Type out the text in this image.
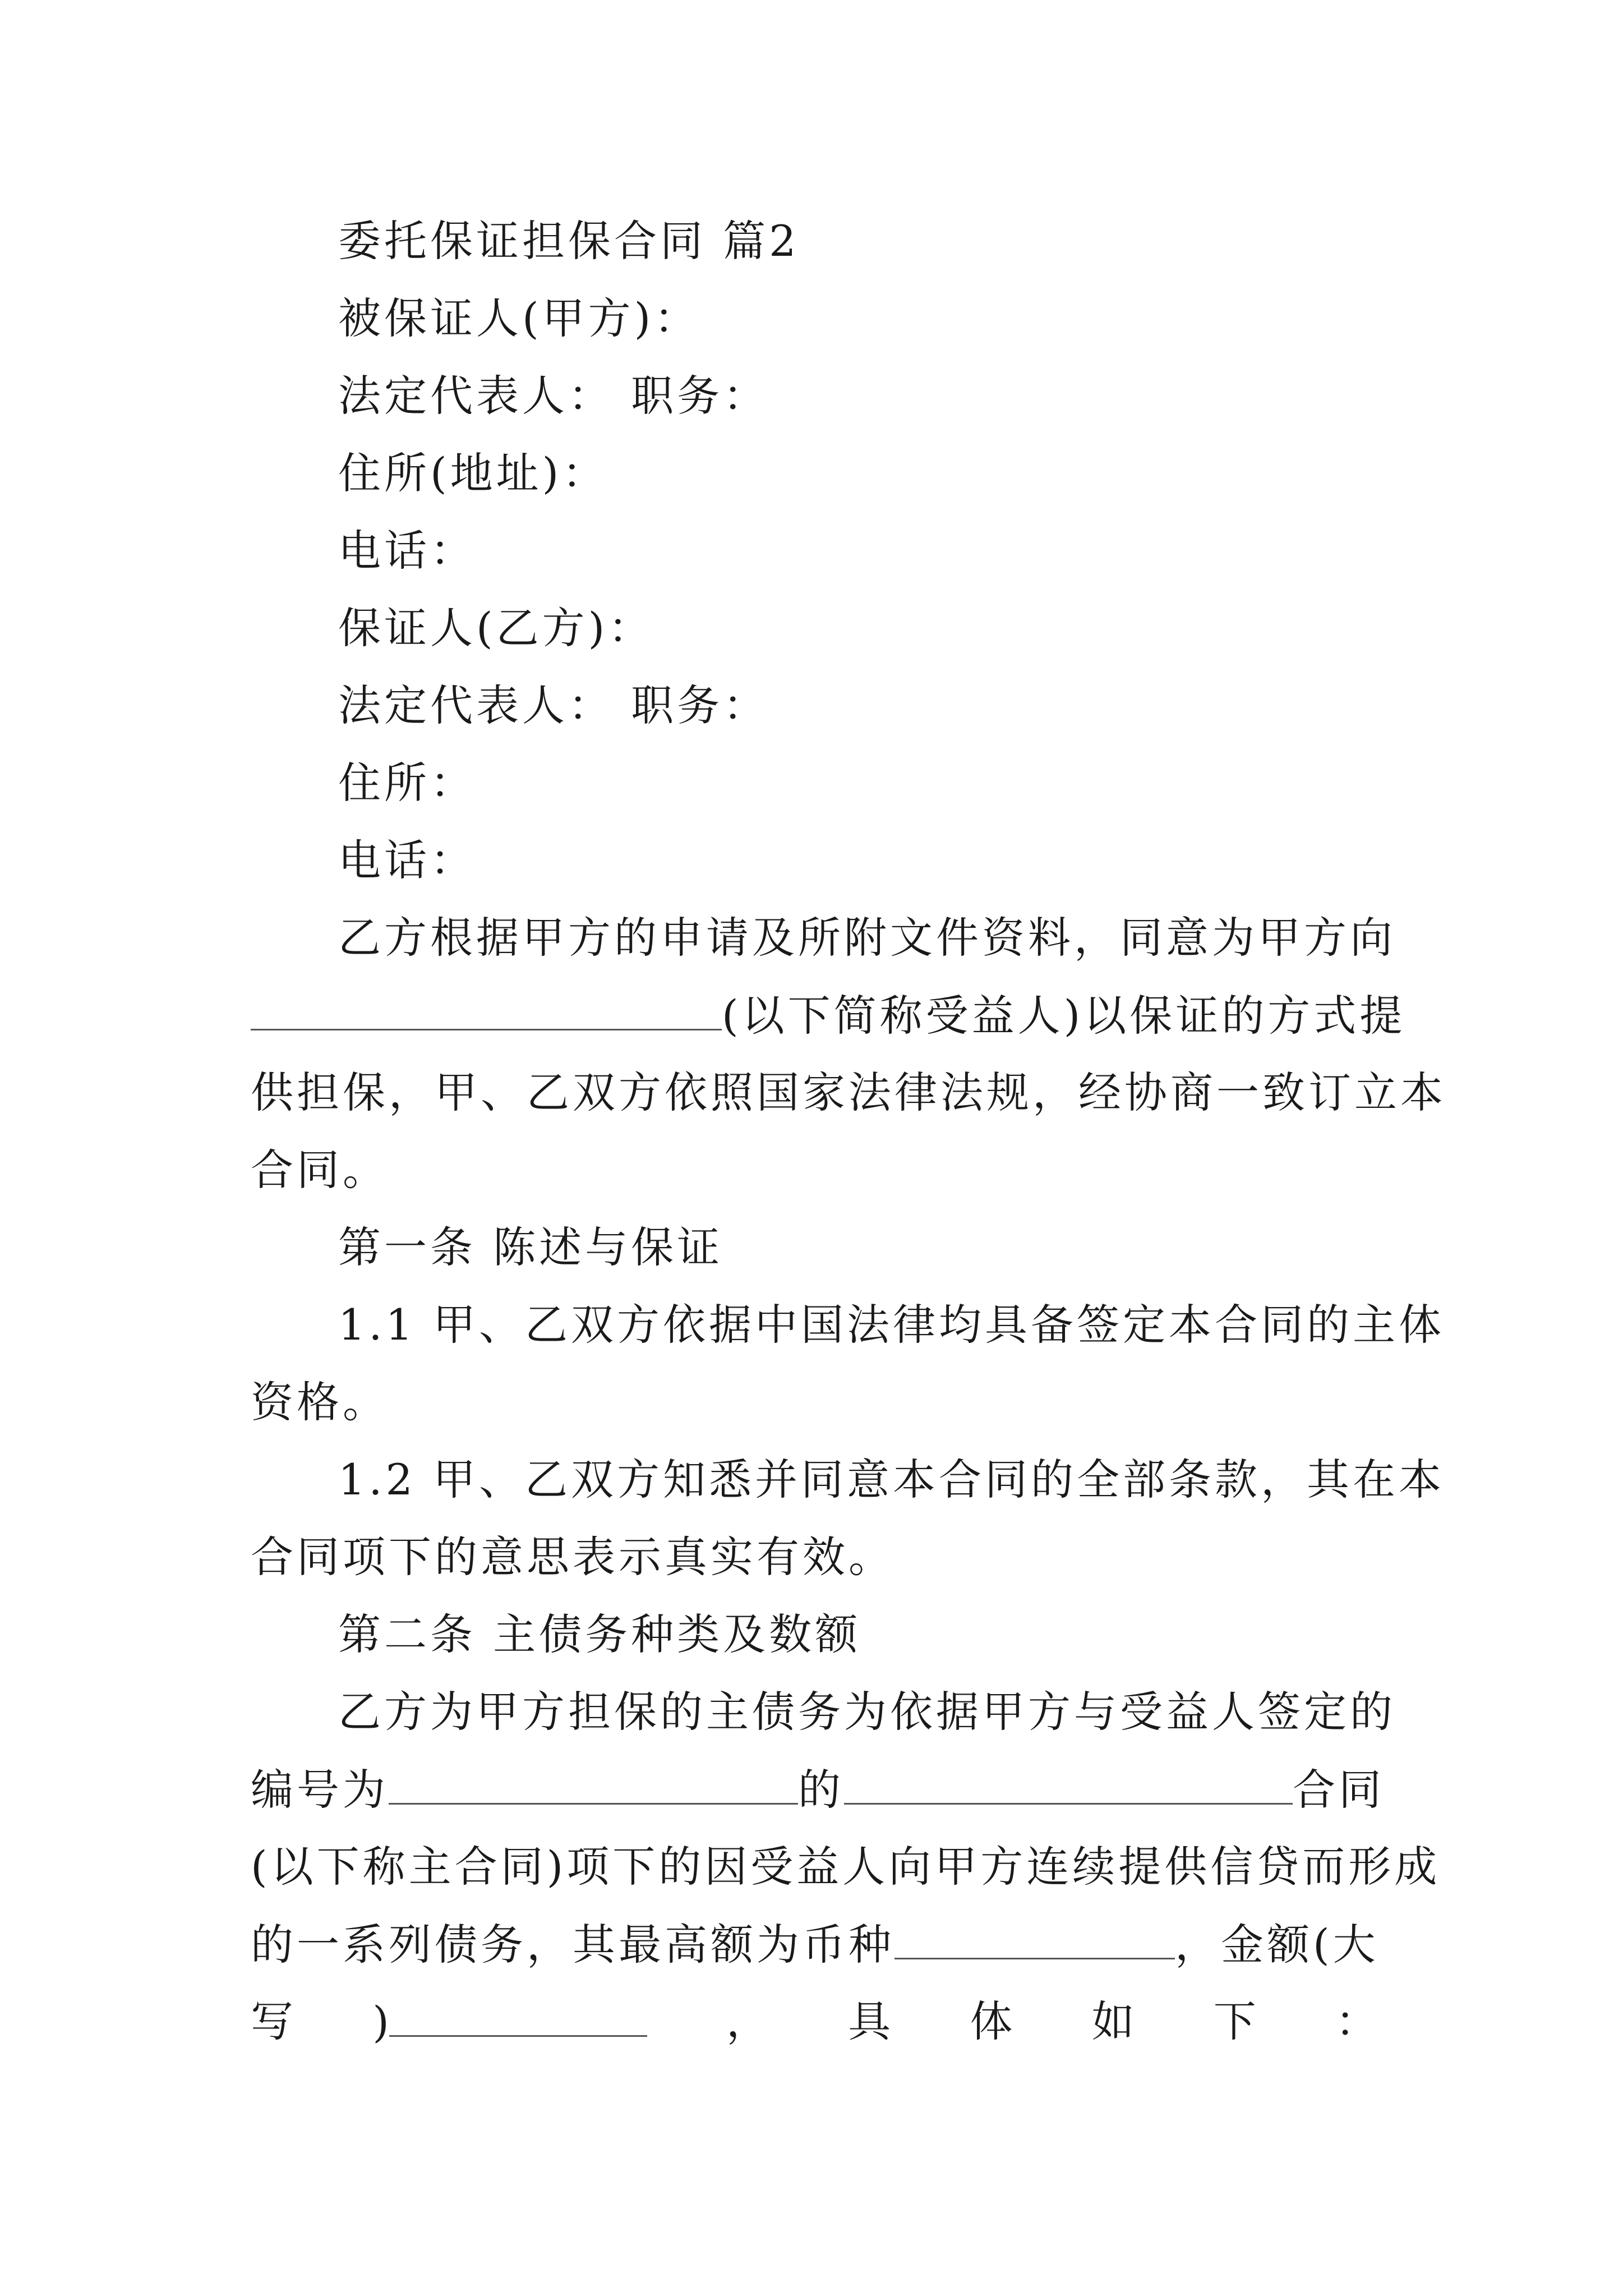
委托保证担保合同 篇2
被保证人(甲方)：
法定代表人： 职务：
住所(地址)：
电话：
保证人(乙方)：
法定代表人： 职务：
住所：
电话：
乙方根据甲方的申请及所附文件资料，同意为甲方向
(以下简称受益人)以保证的方式提
供担保，甲、乙双方依照国家法律法规，经协商一致订立本
合同。
第一条 陈述与保证
1.1 甲、乙双方依据中国法律均具备签定本合同的主体
资格。
1.2 甲、乙双方知悉并同意本合同的全部条款，其在本
合同项下的意思表示真实有效。
第二条 主债务种类及数额
乙方为甲方担保的主债务为依据甲方与受益人签定的
编号为	的	合同
(以下称主合同)项下的因受益人向甲方连续提供信贷而形成
的一系列债务，其最高额为币种	，金额(大
写 )	， 具 体 如 下 ：
